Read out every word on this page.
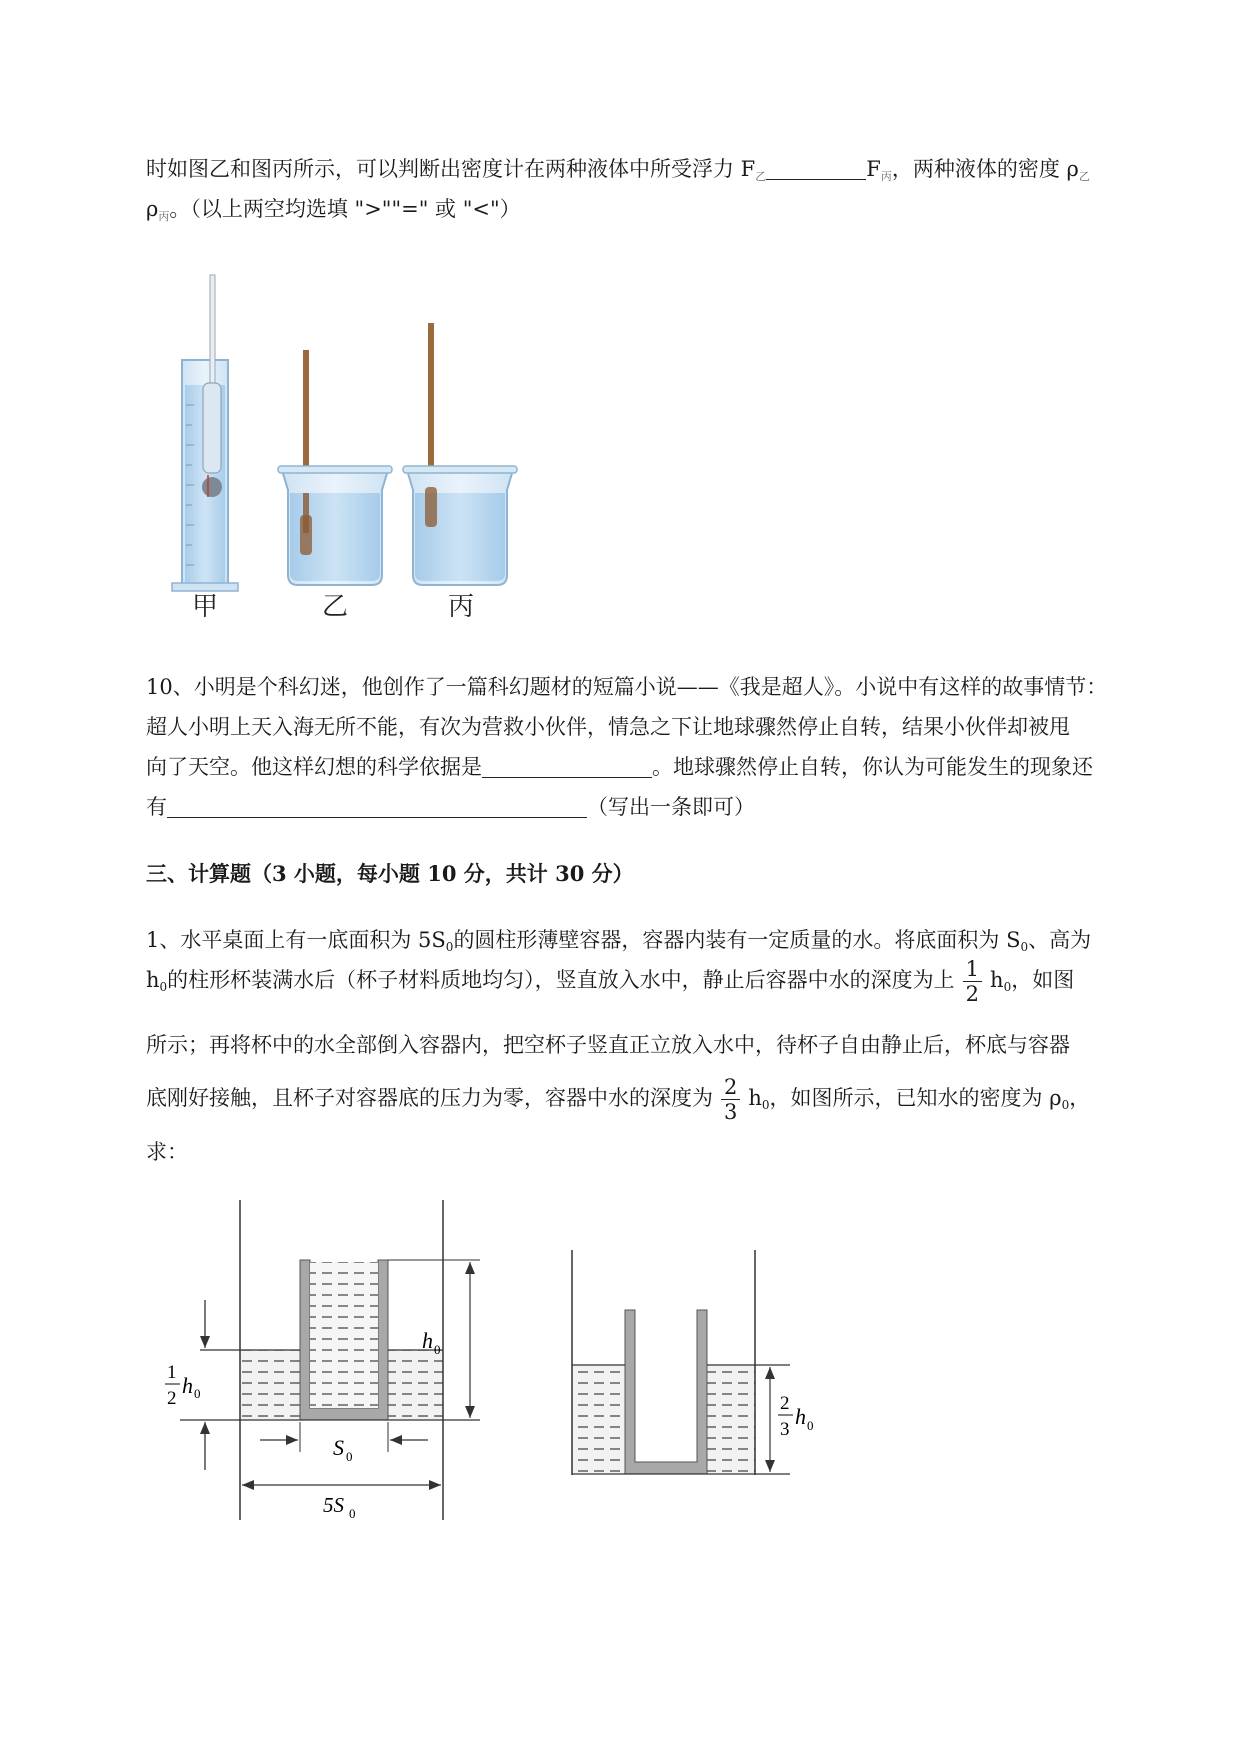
时如图乙和图丙所示，可以判断出密度计在两种液体中所受浮力 $F_乙$	$F_丙$，两种液体的密度 $\rho_乙$
$\rho_丙$。（以上两空均选填 ">""=" 或 "<"）
甲	乙	丙
10、小明是个科幻迷，他创作了一篇科幻题材的短篇小说——《我是超人》。小说中有这样的故事情节：
超人小明上天入海无所不能，有次为营救小伙伴，情急之下让地球骤然停止自转，结果小伙伴却被甩
向了天空。他这样幻想的科学依据是	。地球骤然停止自转，你认为可能发生的现象还
有	（写出一条即可）
三、计算题（3 小题，每小题 10 分，共计 30 分）
1、水平桌面上有一底面积为 5S0的圆柱形薄壁容器，容器内装有一定质量的水。将底面积为 S0、高为
h0的柱形杯装满水后（杯子材料质地均匀），竖直放入水中，静止后容器中水的深度为上 $\frac{1}{2} h0$，如图
所示；再将杯中的水全部倒入容器内，把空杯子竖直正立放入水中，待杯子自由静止后，杯底与容器
底刚好接触，且杯子对容器底的压力为零，容器中水的深度为 $\frac{2}{3} h0$，如图所示，已知水的密度为 ρ0，
求：
1
2
h 0
h 0
S 0
5S 0
2
3
h 0
